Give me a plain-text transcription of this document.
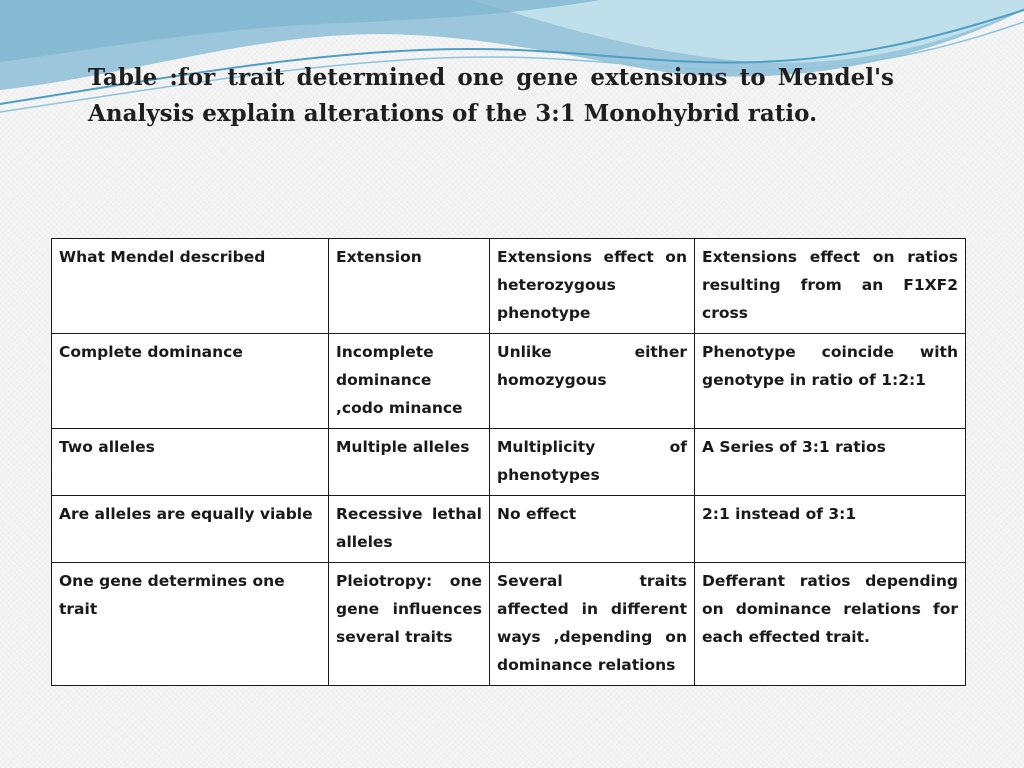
Table :for trait determined one gene extensions to Mendel's Analysis explain alterations of the 3:1 Monohybrid ratio.
What Mendel described	Extension	Extensions effect on heterozygous phenotype	Extensions effect on ratios resulting from an F1XF2 cross
Complete dominance	Incomplete dominance ,codo minance	Unlike either homozygous	Phenotype coincide with genotype in ratio of 1:2:1
Two alleles	Multiple alleles	Multiplicity of phenotypes	A Series of 3:1 ratios
Are alleles are equally viable	Recessive lethal alleles	No effect	2:1 instead of 3:1
One gene determines one trait	Pleiotropy: one gene influences several traits	Several traits affected in different ways ,depending on dominance relations	Defferant ratios depending on dominance relations for each effected trait.
